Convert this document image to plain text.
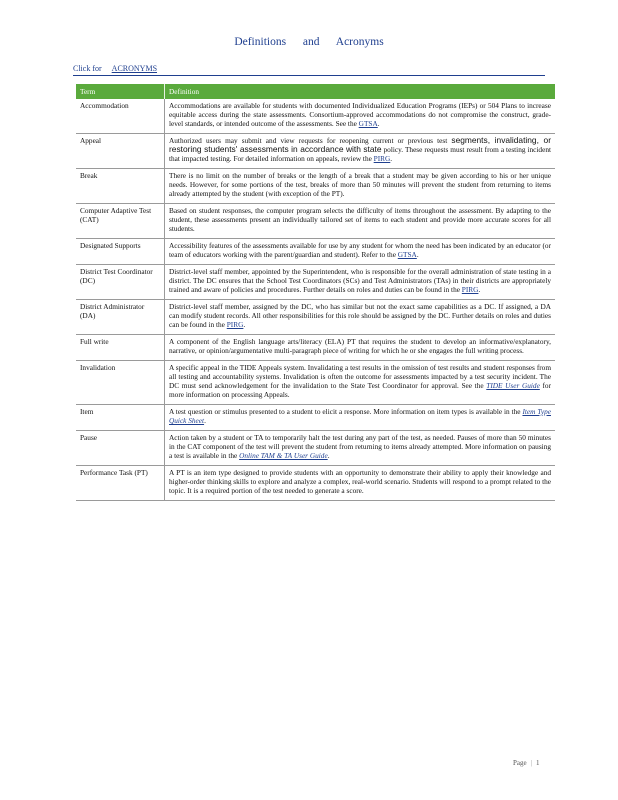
Definitions and Acronyms
Click for ACRONYMS
Term	Definition
Accommodation	Accommodations are available for students with documented Individualized Education Programs (IEPs) or 504 Plans to increase equitable access during the state assessments. Consortium-approved accommodations do not compromise the construct, grade-level standards, or intended outcome of the assessments. See the GTSA.
Appeal	Authorized users may submit and view requests for reopening current or previous test segments, invalidating, or restoring students' assessments in accordance with state policy. These requests must result from a testing incident that impacted testing. For detailed information on appeals, review the PIRG.
Break	There is no limit on the number of breaks or the length of a break that a student may be given according to his or her unique needs. However, for some portions of the test, breaks of more than 50 minutes will prevent the student from returning to items already attempted by the student (with exception of the PT).
Computer Adaptive Test (CAT)	Based on student responses, the computer program selects the difficulty of items throughout the assessment. By adapting to the student, these assessments present an individually tailored set of items to each student and provide more accurate scores for all students.
Designated Supports	Accessibility features of the assessments available for use by any student for whom the need has been indicated by an educator (or team of educators working with the parent/guardian and student). Refer to the GTSA.
District Test Coordinator (DC)	District-level staff member, appointed by the Superintendent, who is responsible for the overall administration of state testing in a district. The DC ensures that the School Test Coordinators (SCs) and Test Administrators (TAs) in their districts are appropriately trained and aware of policies and procedures. Further details on roles and duties can be found in the PIRG.
District Administrator (DA)	District-level staff member, assigned by the DC, who has similar but not the exact same capabilities as a DC. If assigned, a DA can modify student records. All other responsibilities for this role should be assigned by the DC. Further details on roles and duties can be found in the PIRG.
Full write	A component of the English language arts/literacy (ELA) PT that requires the student to develop an informative/explanatory, narrative, or opinion/argumentative multi-paragraph piece of writing for which he or she engages the full writing process.
Invalidation	A specific appeal in the TIDE Appeals system. Invalidating a test results in the omission of test results and student responses from all testing and accountability systems. Invalidation is often the outcome for assessments impacted by a test security incident. The DC must send acknowledgement for the invalidation to the State Test Coordinator for approval. See the TIDE User Guide for more information on processing Appeals.
Item	A test question or stimulus presented to a student to elicit a response. More information on item types is available in the Item Type Quick Sheet.
Pause	Action taken by a student or TA to temporarily halt the test during any part of the test, as needed. Pauses of more than 50 minutes in the CAT component of the test will prevent the student from returning to items already attempted. More information on pausing a test is available in the Online TAM & TA User Guide.
Performance Task (PT)	A PT is an item type designed to provide students with an opportunity to demonstrate their ability to apply their knowledge and higher-order thinking skills to explore and analyze a complex, real-world scenario. Students will respond to a prompt related to the topic. It is a required portion of the test needed to generate a score.
Page | 1
